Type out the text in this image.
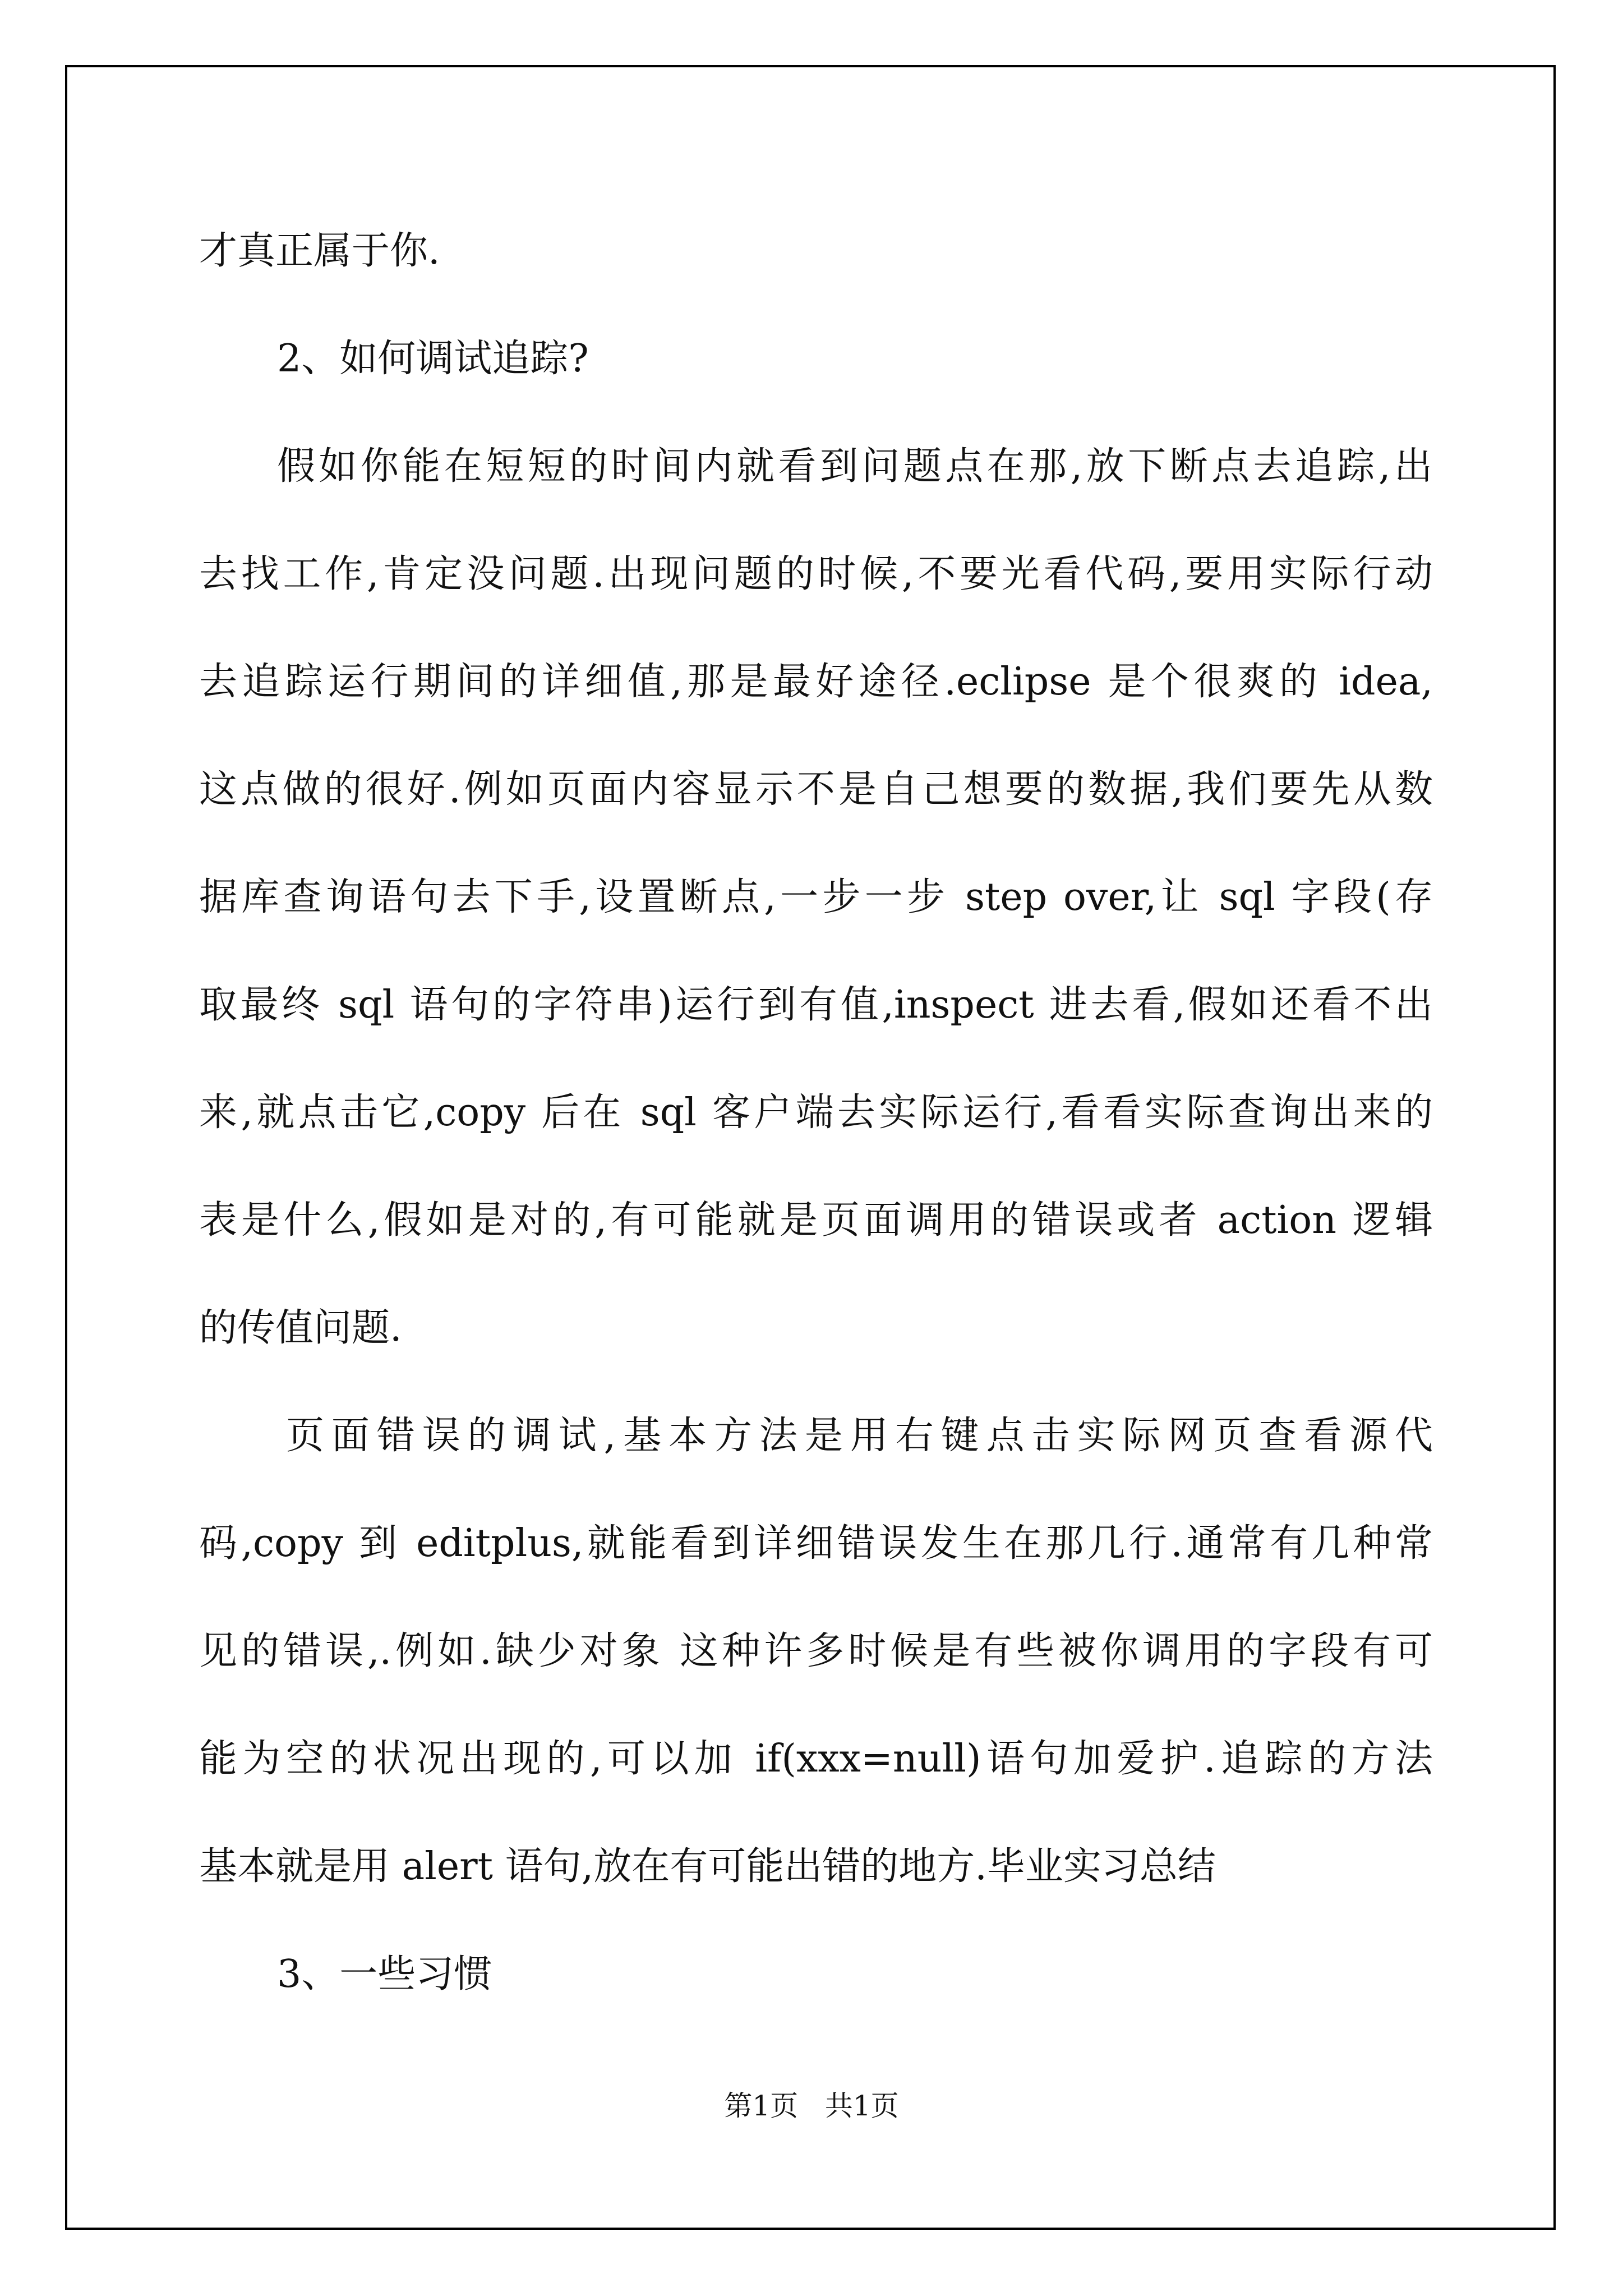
才真正属于你.

2、如何调试追踪?

假如你能在短短的时间内就看到问题点在那,放下断点去追踪,出

去找工作,肯定没问题.出现问题的时候,不要光看代码,要用实际行动

去追踪运行期间的详细值,那是最好途径.eclipse 是个很爽的 idea,

这点做的很好.例如页面内容显示不是自己想要的数据,我们要先从数

据库查询语句去下手,设置断点,一步一步 step over,让 sql 字段(存

取最终 sql 语句的字符串)运行到有值,inspect 进去看,假如还看不出

来,就点击它,copy 后在 sql 客户端去实际运行,看看实际查询出来的

表是什么,假如是对的,有可能就是页面调用的错误或者 action 逻辑

的传值问题.

页面错误的调试,基本方法是用右键点击实际网页查看源代

码,copy 到 editplus,就能看到详细错误发生在那几行.通常有几种常

见的错误,.例如.缺少对象 这种许多时候是有些被你调用的字段有可

能为空的状况出现的,可以加 if(xxx=null)语句加爱护.追踪的方法

基本就是用 alert 语句,放在有可能出错的地方.毕业实习总结

3、一些习惯

第1页   共1页
